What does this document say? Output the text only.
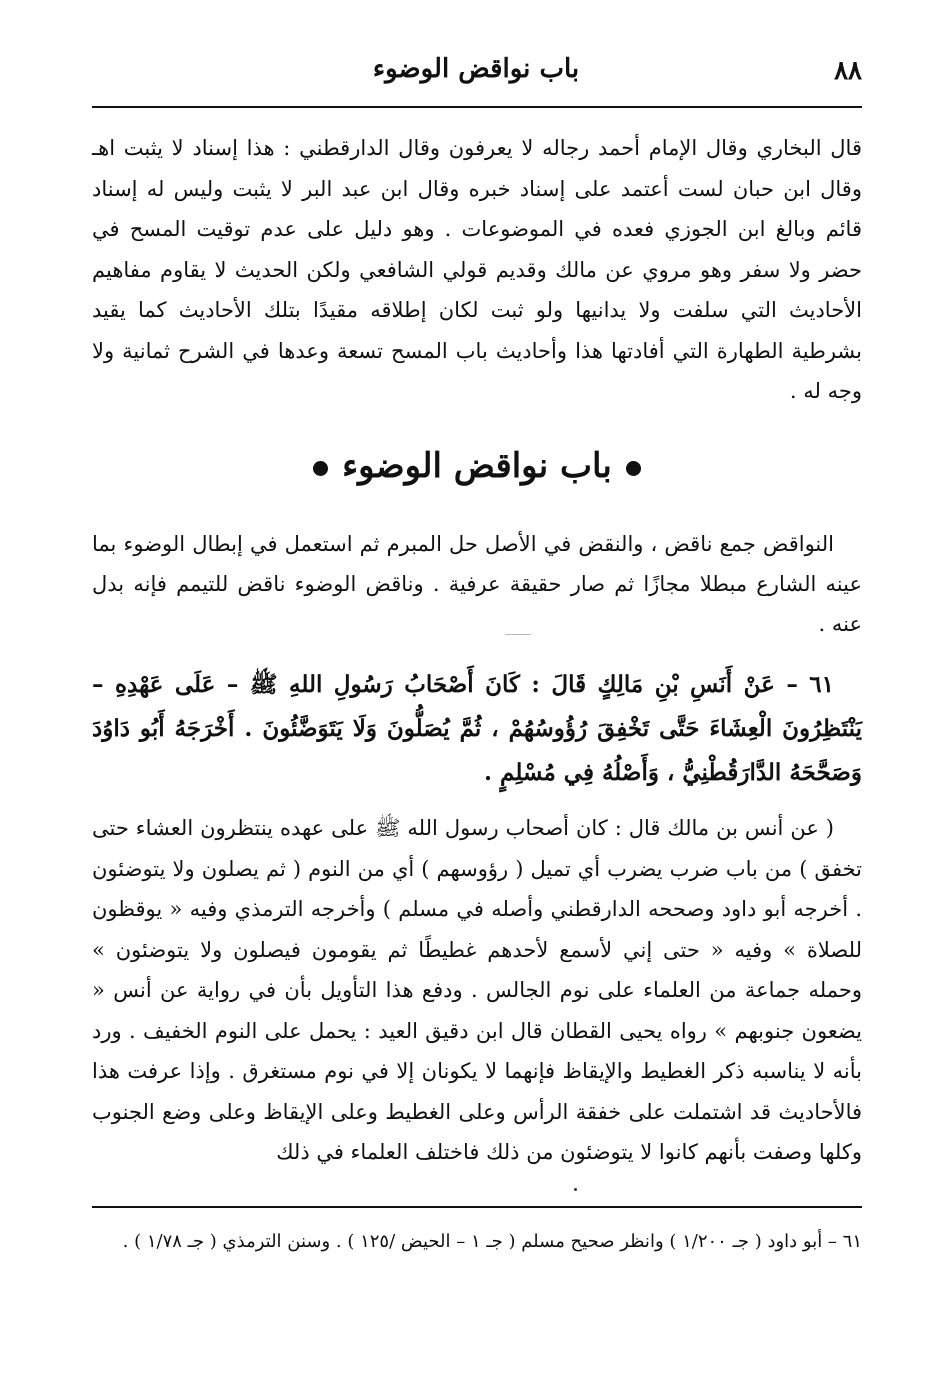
٨٨
باب نواقض الوضوء

قال البخاري وقال الإمام أحمد رجاله لا يعرفون وقال الدارقطني : هذا إسناد لا يثبت اهـ وقال ابن حبان لست أعتمد على إسناد خبره وقال ابن عبد البر لا يثبت وليس له إسناد قائم وبالغ ابن الجوزي فعده في الموضوعات . وهو دليل على عدم توقيت المسح في حضر ولا سفر وهو مروي عن مالك وقديم قولي الشافعي ولكن الحديث لا يقاوم مفاهيم الأحاديث التي سلفت ولا يدانيها ولو ثبت لكان إطلاقه مقيدًا بتلك الأحاديث كما يقيد بشرطية الطهارة التي أفادتها هذا وأحاديث باب المسح تسعة وعدها في الشرح ثمانية ولا وجه له .

باب نواقض الوضوء

النواقض جمع ناقض ، والنقض في الأصل حل المبرم ثم استعمل في إبطال الوضوء بما عينه الشارع مبطلا مجازًا ثم صار حقيقة عرفية . وناقض الوضوء ناقض للتيمم فإنه بدل عنه .

٦١ – عَنْ أَنَسِ بْنِ مَالِكٍ قَالَ : كَانَ أَصْحَابُ رَسُولِ اللهِ ﷺ – عَلَى عَهْدِهِ – يَنْتَظِرُونَ الْعِشَاءَ حَتَّى تَخْفِقَ رُؤُوسُهُمْ ، ثُمَّ يُصَلُّونَ وَلَا يَتَوَضَّئُونَ . أَخْرَجَهُ أَبُو دَاوُدَ وَصَحَّحَهُ الدَّارَقُطْنِيُّ ، وَأَصْلُهُ فِي مُسْلِمٍ .

( عن أنس بن مالك قال : كان أصحاب رسول الله ﷺ على عهده ينتظرون العشاء حتى تخفق ) من باب ضرب يضرب أي تميل ( رؤوسهم ) أي من النوم ( ثم يصلون ولا يتوضئون . أخرجه أبو داود وصححه الدارقطني وأصله في مسلم ) وأخرجه الترمذي وفيه « يوقظون للصلاة » وفيه « حتى إني لأسمع لأحدهم غطيطًا ثم يقومون فيصلون ولا يتوضئون » وحمله جماعة من العلماء على نوم الجالس . ودفع هذا التأويل بأن في رواية عن أنس « يضعون جنوبهم » رواه يحيى القطان قال ابن دقيق العيد : يحمل على النوم الخفيف . ورد بأنه لا يناسبه ذكر الغطيط والإيقاظ فإنهما لا يكونان إلا في نوم مستغرق . وإذا عرفت هذا فالأحاديث قد اشتملت على خفقة الرأس وعلى الغطيط وعلى الإيقاظ وعلى وضع الجنوب وكلها وصفت بأنهم كانوا لا يتوضئون من ذلك فاختلف العلماء في ذلك

٦١ – أبو داود ( جـ ١/٢٠٠ ) وانظر صحيح مسلم ( جـ ١ – الحيض /١٢٥ ) . وسنن الترمذي ( جـ ١/٧٨ ) .
